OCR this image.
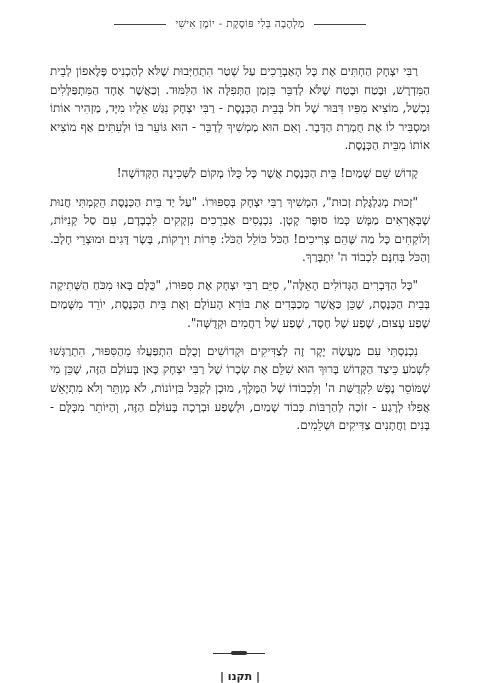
מַלְהֶבָה בְּלִי פּוֹסֶקֶת - יוֹמָן אִישִׁי

רַבִּי יִצְחָק הַחְתִּים אֶת כָּל הָאַבְרֵכִים עַל שְׁטַר הִתְחַיְּבוּת שֶׁלֹּא לְהַכְנִיס פֶּלֶאפוֹן לְבֵית הַמִּדְרָשׁ, וּבֶטַח וּבֶטַח שֶׁלֹּא לְדַבֵּר בִּזְמַן הַתְּפִלָּה אוֹ הַלִּמּוּד. וְכַאֲשֶׁר אֶחָד הַמִּתְפַּלְּלִים נִכְשַׁל, מוֹצִיא מִפִּיו דִּבּוּר שֶׁל חֹל בְּבֵית הַכְּנֶסֶת - רַבִּי יִצְחָק נִגַּשׁ אֵלָיו מִיָּד, מַזְהִיר אוֹתוֹ וּמַסְבִּיר לוֹ אֶת חֻמְרַת הַדָּבָר. וְאִם הוּא מַמְשִׁיךְ לְדַבֵּר - הוּא גּוֹעֵר בּוֹ וּלְעִתִּים אַף מוֹצִיא אוֹתוֹ מִבֵּית הַכְּנֶסֶת.

קָדוֹשׁ שֵׁם שָׁמַיִם! בֵּית הַכְּנֶסֶת אֲשֶׁר כָּל כֻּלּוֹ מְקוֹם לַשְּׁכִינָה הַקְּדוֹשָׁה!

"זְכוּת מְגַלְגֶּלֶת זְכוּת", הִמְשִׁיךְ רַבִּי יִצְחָק בְּסִפּוּרוֹ. "עַל יַד בֵּית הַכְּנֶסֶת הֵקַמְתִּי חֲנוּת שֶׁבְּאָרְאִים מַמָּשׁ כְּמוֹ סוּפֶּר קָטָן. נִכְנָסִים אַבְרֵכִים נִזְקָקִים לִבְבָדָם, עִם סַל קְנִיּוֹת, וְלוֹקְחִים כָּל מַה שֶּׁהֵם צְרִיכִים! הַכֹּל כּוֹלֵל הַכֹּל: פֵּרוֹת וִירָקוֹת, בָּשָׂר דָּגִים וּמוּצְרֵי חָלָב. וְהַכֹּל בְּחִנָּם לִכְבוֹד ה' יִתְבָּרַךְ.

"כָּל הַדְּבָרִים הַגְּדוֹלִים הָאֵלֶּה", סִיֵּם רַבִּי יִצְחָק אֶת סִפּוּרוֹ, "כֻּלָּם בָּאוּ מִכֹּחַ הַשְּׁתִיקָה בְּבֵית הַכְּנֶסֶת, שֶׁכֵּן כַּאֲשֶׁר מְכַבְּדִים אֶת בּוֹרֵא הָעוֹלָם וְאֶת בֵּית הַכְּנֶסֶת, יוֹרֵד מִשָּׁמַיִם שֶׁפַע עָצוּם, שֶׁפַע שֶׁל חֶסֶד, שֶׁפַע שֶׁל רַחֲמִים וּקְדֻשָּׁה".

נִכְנַסְתִּי עִם מַעֲשֶׂה יָקָר זֶה לְצַדִּיקִים וּקְדוֹשִׁים וְכֻלָּם הִתְפַּעֲלוּ מֵהַסִּפּוּר, הִתְרַגְּשׁוּ לִשְׁמֹעַ כֵּיצַד הַקָּדוֹשׁ בָּרוּךְ הוּא שִׁלֵּם אֶת שְׂכָרוֹ שֶׁל רַבִּי יִצְחָק כָּאן בָּעוֹלָם הַזֶּה, שֶׁכֵּן מִי שֶׁמּוֹסֵר נֶפֶשׁ לִקְדֻשַּׁת ה' וְלִכְבוֹדוֹ שֶׁל הַמֶּלֶךְ, מוּכָן לְקַבֵּל בִּזְיוֹנוֹת, לֹא מְוַתֵּר וְלֹא מִתְיָאֵשׁ אֲפִלּוּ לְרֶגַע - זוֹכֶה לְהַרְבּוֹת כְּבוֹד שָׁמַיִם, וּלְשֶׁפַע וּבְרָכָה בָּעוֹלָם הַזֶּה, וְהַיּוֹתֵר מִכָּלָּם - בָּנִים וַחֲתָנִים צַדִּיקִים וּשְׁלֵמִים.

| תקנו |
